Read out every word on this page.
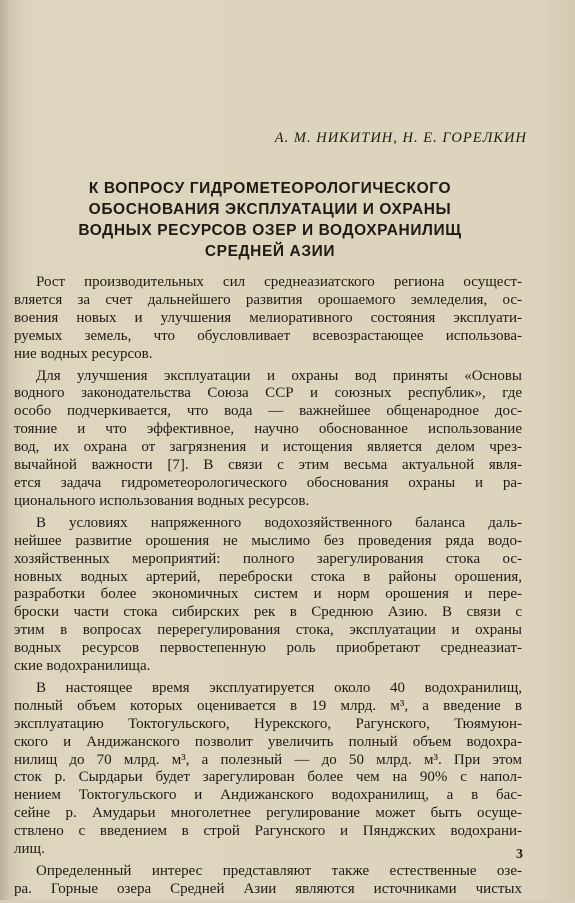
А. М. НИКИТИН, Н. Е. ГОРЕЛКИН
К ВОПРОСУ ГИДРОМЕТЕОРОЛОГИЧЕСКОГО
ОБОСНОВАНИЯ ЭКСПЛУАТАЦИИ И ОХРАНЫ
ВОДНЫХ РЕСУРСОВ ОЗЕР И ВОДОХРАНИЛИЩ
СРЕДНЕЙ АЗИИ
Рост производительных сил среднеазиатского региона осущест-
вляется за счет дальнейшего развития орошаемого земледелия, ос-
воения новых и улучшения мелиоративного состояния эксплуати-
руемых земель, что обусловливает всевозрастающее использова-
ние водных ресурсов.
Для улучшения эксплуатации и охраны вод приняты «Основы
водного законодательства Союза ССР и союзных республик», где
особо подчеркивается, что вода — важнейшее общенародное дос-
тояние и что эффективное, научно обоснованное использование
вод, их охрана от загрязнения и истощения является делом чрез-
вычайной важности [7]. В связи с этим весьма актуальной явля-
ется задача гидрометеорологического обоснования охраны и ра-
ционального использования водных ресурсов.
В условиях напряженного водохозяйственного баланса даль-
нейшее развитие орошения не мыслимо без проведения ряда водо-
хозяйственных мероприятий: полного зарегулирования стока ос-
новных водных артерий, переброски стока в районы орошения,
разработки более экономичных систем и норм орошения и пере-
броски части стока сибирских рек в Среднюю Азию. В связи с
этим в вопросах перерегулирования стока, эксплуатации и охраны
водных ресурсов первостепенную роль приобретают среднеазиат-
ские водохранилища.
В настоящее время эксплуатируется около 40 водохранилищ,
полный объем которых оценивается в 19 млрд. м³, а введение в
эксплуатацию Токтогульского, Нурекского, Рагунского, Тюямуюн-
ского и Андижанского позволит увеличить полный объем водохра-
нилищ до 70 млрд. м³, а полезный — до 50 млрд. м³. При этом
сток р. Сырдарьи будет зарегулирован более чем на 90% с напол-
нением Токтогульского и Андижанского водохранилищ, а в бас-
сейне р. Амударьи многолетнее регулирование может быть осуще-
ствлено с введением в строй Рагунского и Пянджских водохрани-
лищ.
Определенный интерес представляют также естественные озе-
ра. Горные озера Средней Азии являются источниками чистых
3
